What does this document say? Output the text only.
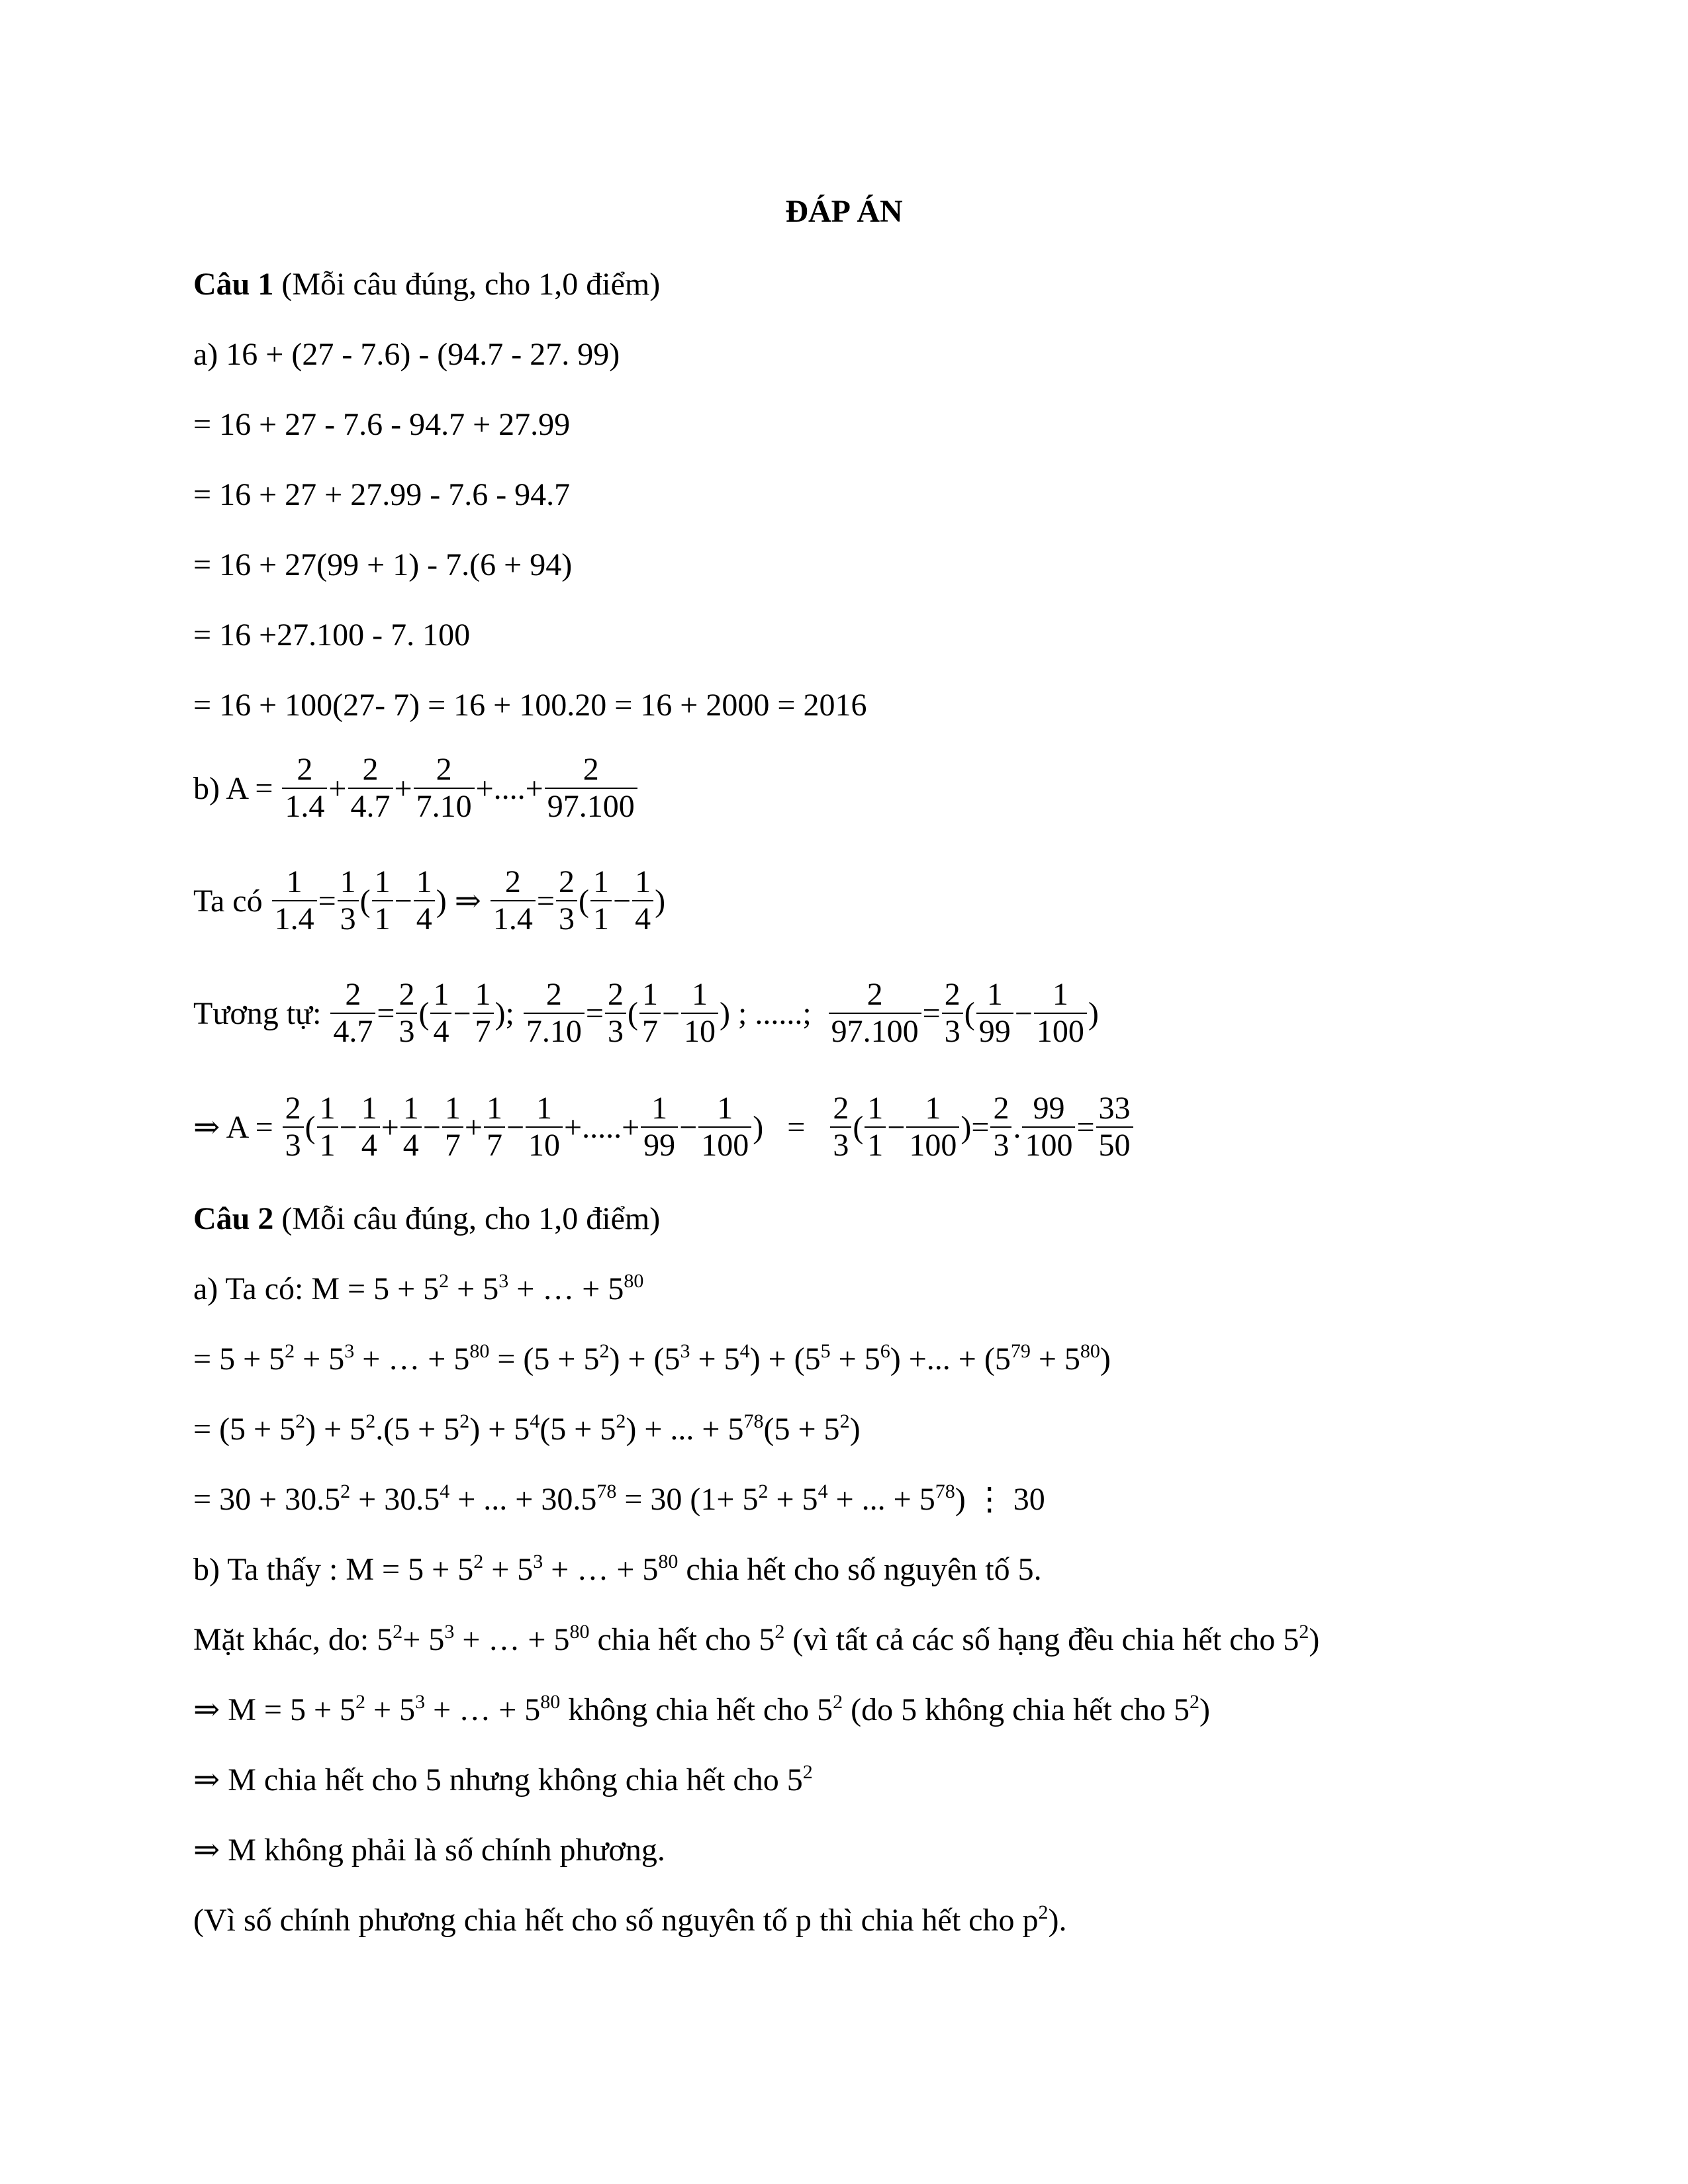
ĐÁP ÁN
Câu 1 (Mỗi câu đúng, cho 1,0 điểm)
a) 16 + (27 - 7.6) - (94.7 - 27. 99)
= 16 + 27 - 7.6 - 94.7 + 27.99
= 16 + 27 + 27.99 - 7.6 - 94.7
= 16 + 27(99 + 1) - 7.(6 + 94)
= 16 +27.100 - 7. 100
= 16 + 100(27- 7) = 16 + 100.20 = 16 + 2000 = 2016
b) $A = \frac{2}{1.4} + \frac{2}{4.7} + \frac{2}{7.10}$ +....+ $\frac{2}{97.100}$
Ta có $\frac{1}{1.4} = \frac{1}{3}$ ( $\frac{1}{1} - \frac{1}{4}$ ) ⇒ $\frac{2}{1.4} = \frac{2}{3}$ ( $\frac{1}{1} - \frac{1}{4}$ )
Tương tự: $\frac{2}{4.7} = \frac{2}{3}$ ( $\frac{1}{4} - \frac{1}{7}$ ); $\frac{2}{7.10} = \frac{2}{3}$ ( $\frac{1}{7} - \frac{1}{10}$ ) ; ......; $\frac{2}{97.100} = \frac{2}{3}$ ( $\frac{1}{99} - \frac{1}{100}$ )
⇒ $A = \frac{2}{3}$ ( $\frac{1}{1} - \frac{1}{4} + \frac{1}{4} - \frac{1}{7} + \frac{1}{7} - \frac{1}{10}$ +.....+ $\frac{1}{99} - \frac{1}{100}$ ) = $\frac{2}{3}$ ( $\frac{1}{1} - \frac{1}{100}$ )= $\frac{2}{3}$ . $\frac{99}{100} = \frac{33}{50}$
Câu 2 (Mỗi câu đúng, cho 1,0 điểm)
a) Ta có: $M = 5 + 5^2 + 5^3$ + … + $5^{80}$
= $5 + 5^2 + 5^3$ + … + $5^{80} = (5 + 5^2) + (5^3 + 5^4) + (5^5 + 5^6)$ +... + $(5^{79} + 5^{80})$
= $(5 + 5^2) + 5^2.(5 + 5^2) + 5^4(5 + 5^2)$ + ... + $5^{78}(5 + 5^2)$
= $30 + 30.5^2 + 30.5^4$ + ... + $30.5^{78} = 30$ ($1+ 5^2 + 5^4$ + ... + $5^{78}$) ⋮ 30
b) Ta thấy : $M = 5 + 5^2 + 5^3$ + … + $5^{80}$ chia hết cho số nguyên tố 5.
Mặt khác, do: $5^2+ 5^3$ + … + $5^{80}$ chia hết cho $5^2$ (vì tất cả các số hạng đều chia hết cho $5^2$)
⇒ $M = 5 + 5^2 + 5^3$ + … + $5^{80}$ không chia hết cho $5^2$ (do 5 không chia hết cho $5^2$)
⇒ M chia hết cho 5 nhưng không chia hết cho $5^2$
⇒ M không phải là số chính phương.
(Vì số chính phương chia hết cho số nguyên tố p thì chia hết cho $p^2$).
